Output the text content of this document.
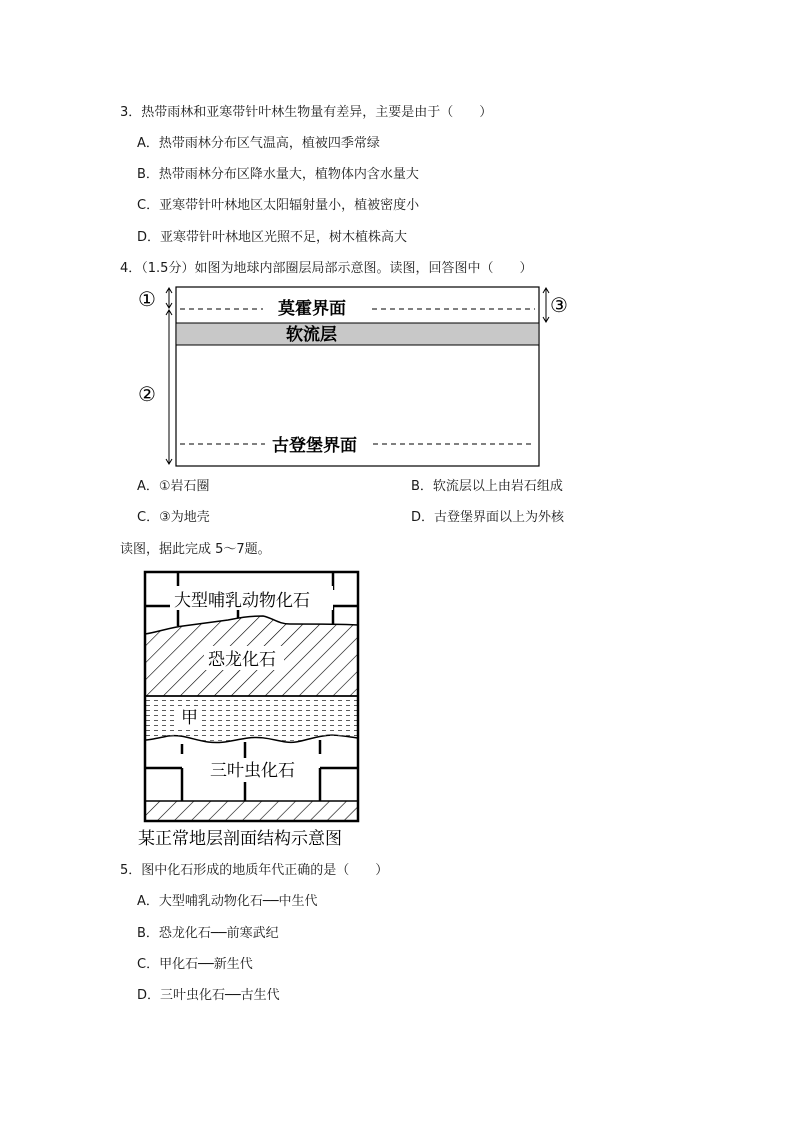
3．热带雨林和亚寒带针叶林生物量有差异，主要是由于（　　）
A．热带雨林分布区气温高，植被四季常绿
B．热带雨林分布区降水量大，植物体内含水量大
C．亚寒带针叶林地区太阳辐射量小，植被密度小
D．亚寒带针叶林地区光照不足，树木植株高大
4．（1.5分）如图为地球内部圈层局部示意图。读图，回答图中（　　）
莫霍界面
软流层
古登堡界面
①
②
③
A．①岩石圈	B．软流层以上由岩石组成
C．③为地壳	D．古登堡界面以上为外核
读图，据此完成 5～7题。
大型哺乳动物化石
恐龙化石
甲
三叶虫化石
某正常地层剖面结构示意图
5．图中化石形成的地质年代正确的是（　　）
A．大型哺乳动物化石──中生代
B．恐龙化石──前寒武纪
C．甲化石──新生代
D．三叶虫化石──古生代
